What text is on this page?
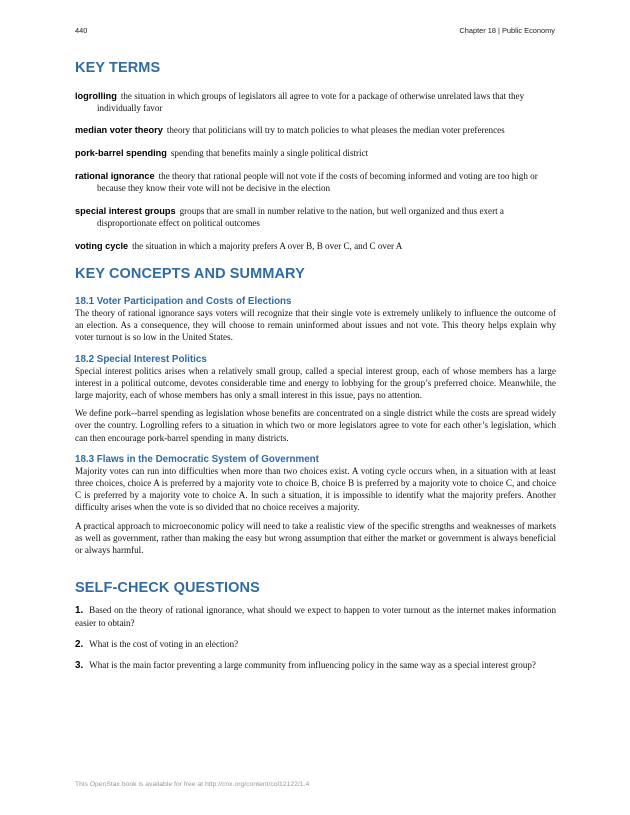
440	Chapter 18 | Public Economy
KEY TERMS

logrolling the situation in which groups of legislators all agree to vote for a package of otherwise unrelated laws that they individually favor

median voter theory theory that politicians will try to match policies to what pleases the median voter preferences

pork-barrel spending spending that benefits mainly a single political district

rational ignorance the theory that rational people will not vote if the costs of becoming informed and voting are too high or because they know their vote will not be decisive in the election

special interest groups groups that are small in number relative to the nation, but well organized and thus exert a disproportionate effect on political outcomes

voting cycle the situation in which a majority prefers A over B, B over C, and C over A

KEY CONCEPTS AND SUMMARY
18.1 Voter Participation and Costs of Elections

The theory of rational ignorance says voters will recognize that their single vote is extremely unlikely to influence the outcome of an election. As a consequence, they will choose to remain uninformed about issues and not vote. This theory helps explain why voter turnout is so low in the United States.

18.2 Special Interest Politics

Special interest politics arises when a relatively small group, called a special interest group, each of whose members has a large interest in a political outcome, devotes considerable time and energy to lobbying for the group’s preferred choice. Meanwhile, the large majority, each of whose members has only a small interest in this issue, pays no attention.

We define pork--barrel spending as legislation whose benefits are concentrated on a single district while the costs are spread widely over the country. Logrolling refers to a situation in which two or more legislators agree to vote for each other’s legislation, which can then encourage pork-barrel spending in many districts.

18.3 Flaws in the Democratic System of Government

Majority votes can run into difficulties when more than two choices exist. A voting cycle occurs when, in a situation with at least three choices, choice A is preferred by a majority vote to choice B, choice B is preferred by a majority vote to choice C, and choice C is preferred by a majority vote to choice A. In such a situation, it is impossible to identify what the majority prefers. Another difficulty arises when the vote is so divided that no choice receives a majority.

A practical approach to microeconomic policy will need to take a realistic view of the specific strengths and weaknesses of markets as well as government, rather than making the easy but wrong assumption that either the market or government is always beneficial or always harmful.

SELF-CHECK QUESTIONS

1. Based on the theory of rational ignorance, what should we expect to happen to voter turnout as the internet makes information easier to obtain?

2. What is the cost of voting in an election?

3. What is the main factor preventing a large community from influencing policy in the same way as a special interest group?

This OpenStax book is available for free at http://cnx.org/content/col12122/1.4
